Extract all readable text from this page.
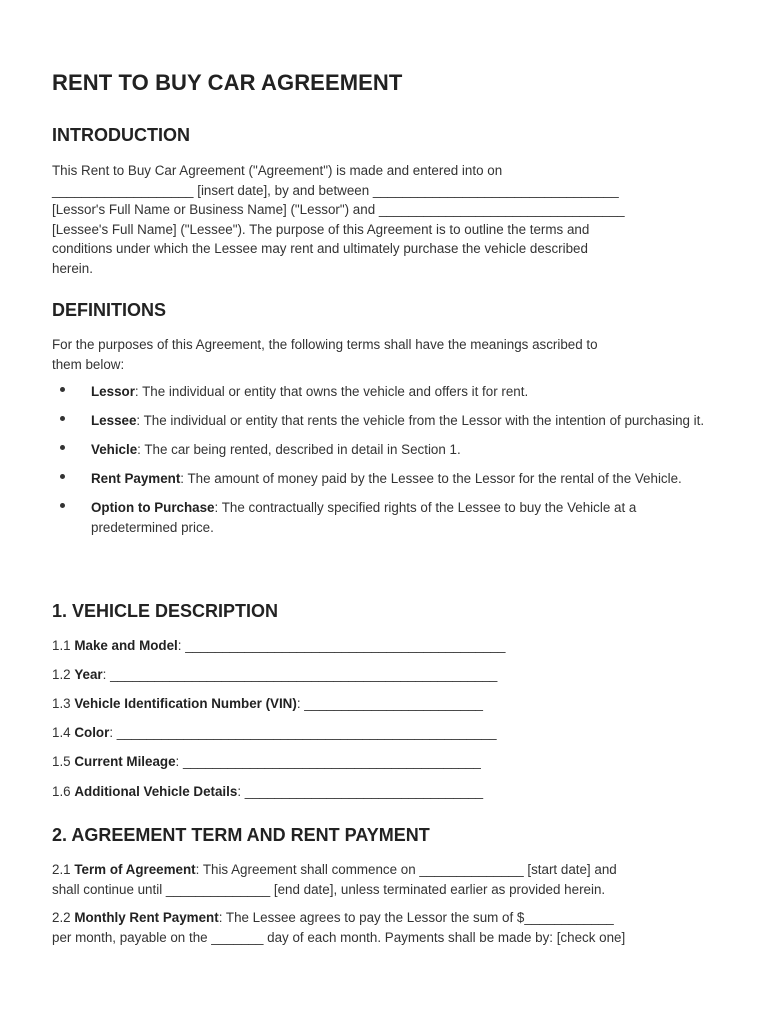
RENT TO BUY CAR AGREEMENT
INTRODUCTION

This Rent to Buy Car Agreement ("Agreement") is made and entered into on
___________________ [insert date], by and between _________________________________
[Lessor's Full Name or Business Name] ("Lessor") and _________________________________
[Lessee's Full Name] ("Lessee"). The purpose of this Agreement is to outline the terms and
conditions under which the Lessee may rent and ultimately purchase the vehicle described
herein.

DEFINITIONS

For the purposes of this Agreement, the following terms shall have the meanings ascribed to
them below:

Lessor: The individual or entity that owns the vehicle and offers it for rent.
Lessee: The individual or entity that rents the vehicle from the Lessor with the intention of purchasing it.
Vehicle: The car being rented, described in detail in Section 1.
Rent Payment: The amount of money paid by the Lessee to the Lessor for the rental of the Vehicle.
Option to Purchase: The contractually specified rights of the Lessee to buy the Vehicle at a predetermined price.
1. VEHICLE DESCRIPTION
1.1 Make and Model: ___________________________________________
1.2 Year: ____________________________________________________
1.3 Vehicle Identification Number (VIN): ________________________
1.4 Color: ___________________________________________________
1.5 Current Mileage: ________________________________________
1.6 Additional Vehicle Details: ________________________________
2. AGREEMENT TERM AND RENT PAYMENT

2.1 Term of Agreement: This Agreement shall commence on ______________ [start date] and
shall continue until ______________ [end date], unless terminated earlier as provided herein.

2.2 Monthly Rent Payment: The Lessee agrees to pay the Lessor the sum of $____________
per month, payable on the _______ day of each month. Payments shall be made by: [check one]
